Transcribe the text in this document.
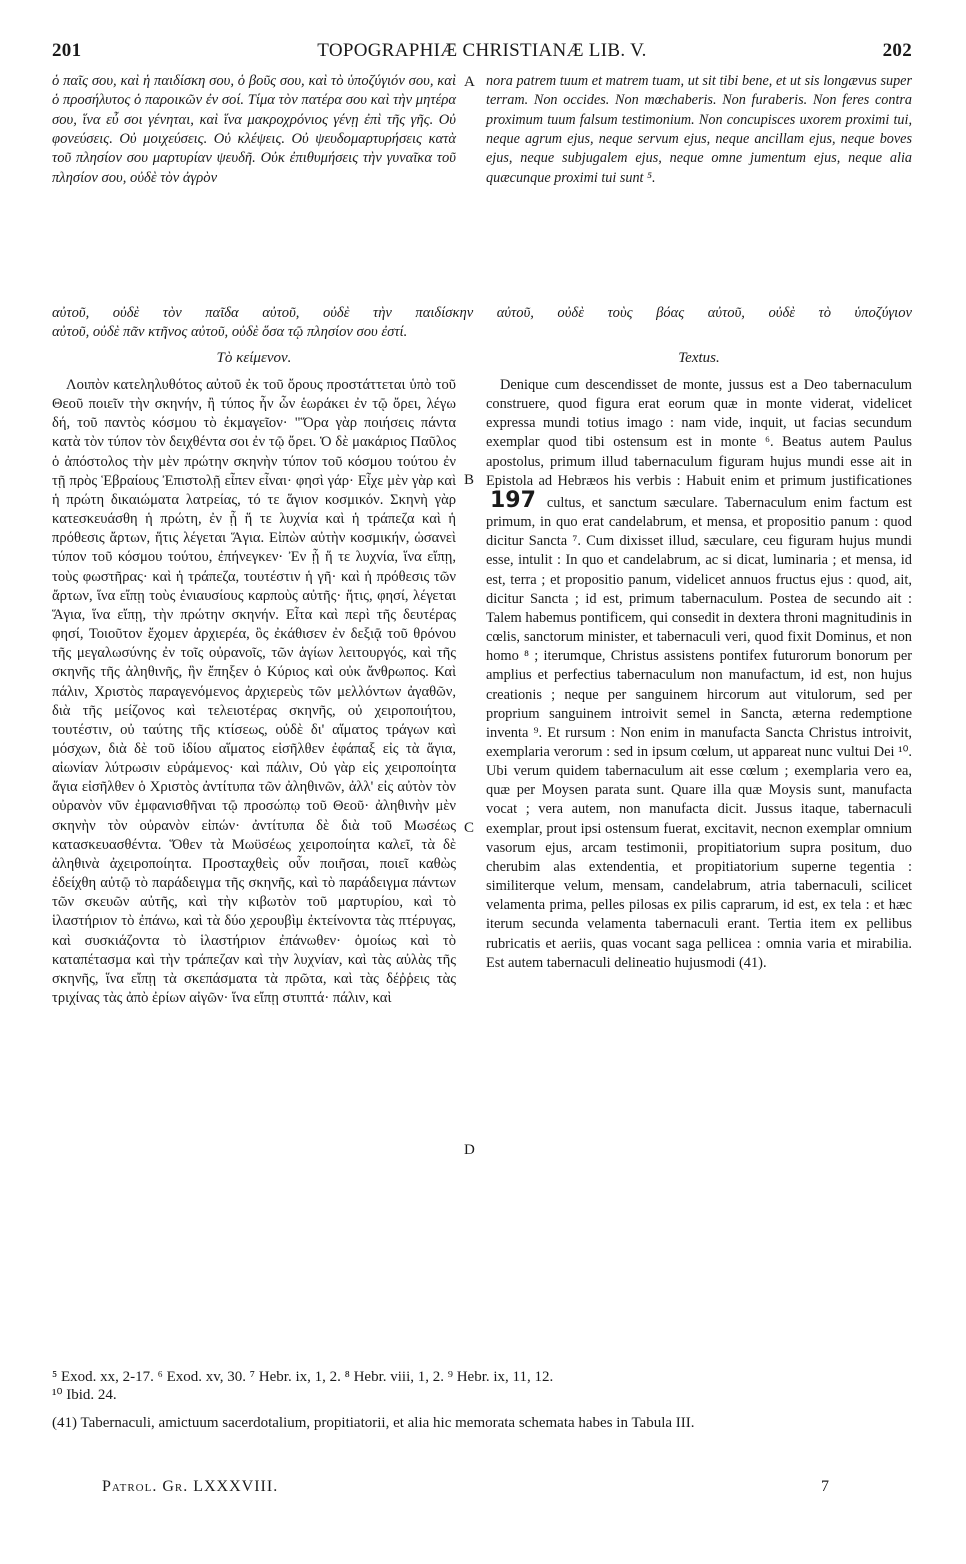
201	TOPOGRAPHIÆ CHRISTIANÆ LIB. V.	202

ὁ παῖς σου, καὶ ἡ παιδίσκη σου, ὁ βοῦς σου, καὶ τὸ ὑποζύγιόν σου, καὶ ὁ προσήλυτος ὁ παροικῶν ἐν σοί. Τίμα τὸν πατέρα σου καὶ τὴν μητέρα σου, ἵνα εὖ σοι γένηται, καὶ ἵνα μακροχρόνιος γένῃ ἐπὶ τῆς γῆς. Οὐ φονεύσεις. Οὐ μοιχεύσεις. Οὐ κλέψεις. Οὐ ψευδομαρτυρήσεις κατὰ τοῦ πλησίον σου μαρτυρίαν ψευδῆ. Οὐκ ἐπιθυμήσεις τὴν γυναῖκα τοῦ πλησίον σου, οὐδὲ τὸν ἀγρὸν

A nora patrem tuum et matrem tuam, ut sit tibi bene, et ut sis longævus super terram. Non occides. Non mœchaberis. Non furaberis. Non feres contra proximum tuum falsum testimonium. Non concupisces uxorem proximi tui, neque agrum ejus, neque servum ejus, neque ancillam ejus, neque boves ejus, neque subjugalem ejus, neque omne jumentum ejus, neque alia quæcunque proximi tui sunt ⁵.

αὐτοῦ, οὐδὲ τὸν παῖδα αὐτοῦ, οὐδὲ τὴν παιδίσκην αὐτοῦ, οὐδὲ τοὺς βόας αὐτοῦ, οὐδὲ τὸ ὑποζύγιον
αὐτοῦ, οὐδὲ πᾶν κτῆνος αὐτοῦ, οὐδὲ ὅσα τῷ πλησίον σου ἐστί.
Τὸ κείμενον.	Textus.

Λοιπὸν κατεληλυθότος αὐτοῦ ἐκ τοῦ ὄρους προστάττεται ὑπὸ τοῦ Θεοῦ ποιεῖν τὴν σκηνήν, ἢ τύπος ἦν ὧν ἑωράκει ἐν τῷ ὄρει, λέγω δή, τοῦ παντὸς κόσμου τὸ ἐκμαγεῖον· "Ὅρα γὰρ ποιήσεις πάντα κατὰ τὸν τύπον τὸν δειχθέντα σοι ἐν τῷ ὄρει. Ὁ δὲ μακάριος Παῦλος ὁ ἀπόστολος τὴν μὲν πρώτην σκηνὴν τύπον τοῦ κόσμου τούτου ἐν τῇ πρὸς Ἑβραίους Ἐπιστολῇ εἶπεν εἶναι· φησὶ γάρ· Εἶχε μὲν γὰρ καὶ ἡ πρώτη δικαιώματα λατρείας, τό τε ἅγιον κοσμικόν. Σκηνὴ γὰρ κατεσκευάσθη ἡ πρώτη, ἐν ᾗ ἥ τε λυχνία καὶ ἡ τράπεζα καὶ ἡ πρόθεσις ἄρτων, ἥτις λέγεται Ἅγια. Εἰπὼν αὐτὴν κοσμικήν, ὡσανεὶ τύπον τοῦ κόσμου τούτου, ἐπήνεγκεν· Ἐν ᾗ ἥ τε λυχνία, ἵνα εἴπῃ, τοὺς φωστῆρας· καὶ ἡ τράπεζα, τουτέστιν ἡ γῆ· καὶ ἡ πρόθεσις τῶν ἄρτων, ἵνα εἴπῃ τοὺς ἐνιαυσίους καρποὺς αὐτῆς· ἥτις, φησί, λέγεται Ἅγια, ἵνα εἴπῃ, τὴν πρώτην σκηνήν. Εἶτα καὶ περὶ τῆς δευτέρας φησί, Τοιοῦτον ἔχομεν ἀρχιερέα, ὃς ἐκάθισεν ἐν δεξιᾷ τοῦ θρόνου τῆς μεγαλωσύνης ἐν τοῖς οὐρανοῖς, τῶν ἁγίων λειτουργός, καὶ τῆς σκηνῆς τῆς ἀληθινῆς, ἣν ἔπηξεν ὁ Κύριος καὶ οὐκ ἄνθρωπος. Καὶ πάλιν, Χριστὸς παραγενόμενος ἀρχιερεὺς τῶν μελλόντων ἀγαθῶν, διὰ τῆς μείζονος καὶ τελειοτέρας σκηνῆς, οὐ χειροποιήτου, τουτέστιν, οὐ ταύτης τῆς κτίσεως, οὐδὲ δι' αἵματος τράγων καὶ μόσχων, διὰ δὲ τοῦ ἰδίου αἵματος εἰσῆλθεν ἐφάπαξ εἰς τὰ ἅγια, αἰωνίαν λύτρωσιν εὑράμενος· καὶ πάλιν, Οὐ γὰρ εἰς χειροποίητα ἅγια εἰσῆλθεν ὁ Χριστὸς ἀντίτυπα τῶν ἀληθινῶν, ἀλλ' εἰς αὐτὸν τὸν οὐρανὸν νῦν ἐμφανισθῆναι τῷ προσώπῳ τοῦ Θεοῦ· ἀληθινὴν μὲν σκηνὴν τὸν οὐρανὸν εἰπών· ἀντίτυπα δὲ διὰ τοῦ Μωσέως κατασκευασθέντα. Ὅθεν τὰ Μωϋσέως χειροποίητα καλεῖ, τὰ δὲ ἀληθινὰ ἀχειροποίητα. Προσταχθεὶς οὖν ποιῆσαι, ποιεῖ καθὼς ἐδείχθη αὐτῷ τὸ παράδειγμα τῆς σκηνῆς, καὶ τὸ παράδειγμα πάντων τῶν σκευῶν αὐτῆς, καὶ τὴν κιβωτὸν τοῦ μαρτυρίου, καὶ τὸ ἱλαστήριον τὸ ἐπάνω, καὶ τὰ δύο χερουβὶμ ἐκτείνοντα τὰς πτέρυγας, καὶ συσκιάζοντα τὸ ἱλαστήριον ἐπάνωθεν· ὁμοίως καὶ τὸ καταπέτασμα καὶ τὴν τράπεζαν καὶ τὴν λυχνίαν, καὶ τὰς αὐλὰς τῆς σκηνῆς, ἵνα εἴπῃ τὰ σκεπάσματα τὰ πρῶτα, καὶ τὰς δέῤῥεις τὰς τριχίνας τὰς ἀπὸ ἐρίων αἰγῶν· ἵνα εἴπῃ στυπτά· πάλιν, καὶ

B
C
D

Denique cum descendisset de monte, jussus est a Deo tabernaculum construere, quod figura erat eorum quæ in monte viderat, videlicet expressa mundi totius imago : nam vide, inquit, ut facias secundum exemplar quod tibi ostensum est in monte ⁶. Beatus autem Paulus apostolus, primum illud tabernaculum figuram hujus mundi esse ait in Epistola ad Hebræos his verbis : Habuit enim et primum justificationes 197 cultus, et sanctum sæculare. Tabernaculum enim factum est primum, in quo erat candelabrum, et mensa, et propositio panum : quod dicitur Sancta ⁷. Cum dixisset illud, sæculare, ceu figuram hujus mundi esse, intulit : In quo et candelabrum, ac si dicat, luminaria ; et mensa, id est, terra ; et propositio panum, videlicet annuos fructus ejus : quod, ait, dicitur Sancta ; id est, primum tabernaculum. Postea de secundo ait : Talem habemus pontificem, qui consedit in dextera throni magnitudinis in cœlis, sanctorum minister, et tabernaculi veri, quod fixit Dominus, et non homo ⁸ ; iterumque, Christus assistens pontifex futurorum bonorum per amplius et perfectius tabernaculum non manufactum, id est, non hujus creationis ; neque per sanguinem hircorum aut vitulorum, sed per proprium sanguinem introivit semel in Sancta, æterna redemptione inventa ⁹. Et rursum : Non enim in manufacta Sancta Christus introivit, exemplaria verorum : sed in ipsum cœlum, ut appareat nunc vultui Dei ¹⁰. Ubi verum quidem tabernaculum ait esse cœlum ; exemplaria vero ea, quæ per Moysen parata sunt. Quare illa quæ Moysis sunt, manufacta vocat ; vera autem, non manufacta dicit. Jussus itaque, tabernaculi exemplar, prout ipsi ostensum fuerat, excitavit, necnon exemplar omnium vasorum ejus, arcam testimonii, propitiatorium supra positum, duo cherubim alas extendentia, et propitiatorium superne tegentia : similiterque velum, mensam, candelabrum, atria tabernaculi, scilicet velamenta prima, pelles pilosas ex pilis caprarum, id est, ex tela : et hæc iterum secunda velamenta tabernaculi erant. Tertia item ex pellibus rubricatis et aeriis, quas vocant saga pellicea : omnia varia et mirabilia. Est autem tabernaculi delineatio hujusmodi (41).

⁵ Exod. xx, 2-17. ⁶ Exod. xv, 30. ⁷ Hebr. ix, 1, 2. ⁸ Hebr. viii, 1, 2. ⁹ Hebr. ix, 11, 12.
¹⁰ Ibid. 24.
(41) Tabernaculi, amictuum sacerdotalium, propitiatorii, et alia hic memorata schemata habes in Tabula III.
Patrol. Gr. LXXXVIII.	7
